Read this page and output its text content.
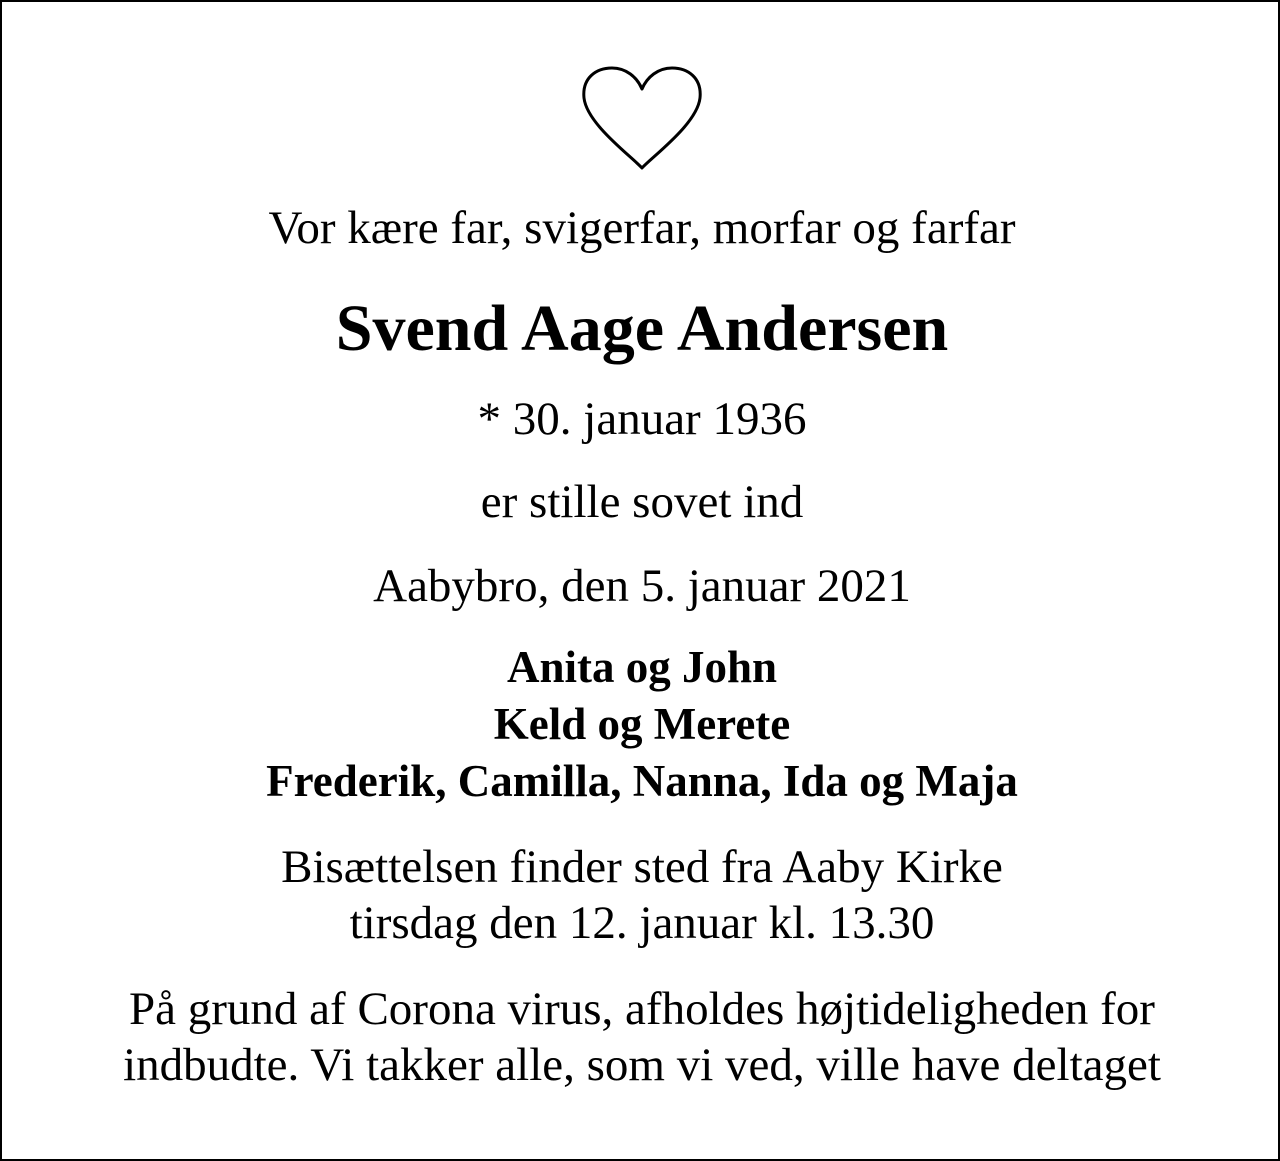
Vor kære far, svigerfar, morfar og farfar
Svend Aage Andersen
* 30. januar 1936
er stille sovet ind
Aabybro, den 5. januar 2021
Anita og John
Keld og Merete
Frederik, Camilla, Nanna, Ida og Maja
Bisættelsen finder sted fra Aaby Kirke
tirsdag den 12. januar kl. 13.30
På grund af Corona virus, afholdes højtideligheden for
indbudte. Vi takker alle, som vi ved, ville have deltaget
